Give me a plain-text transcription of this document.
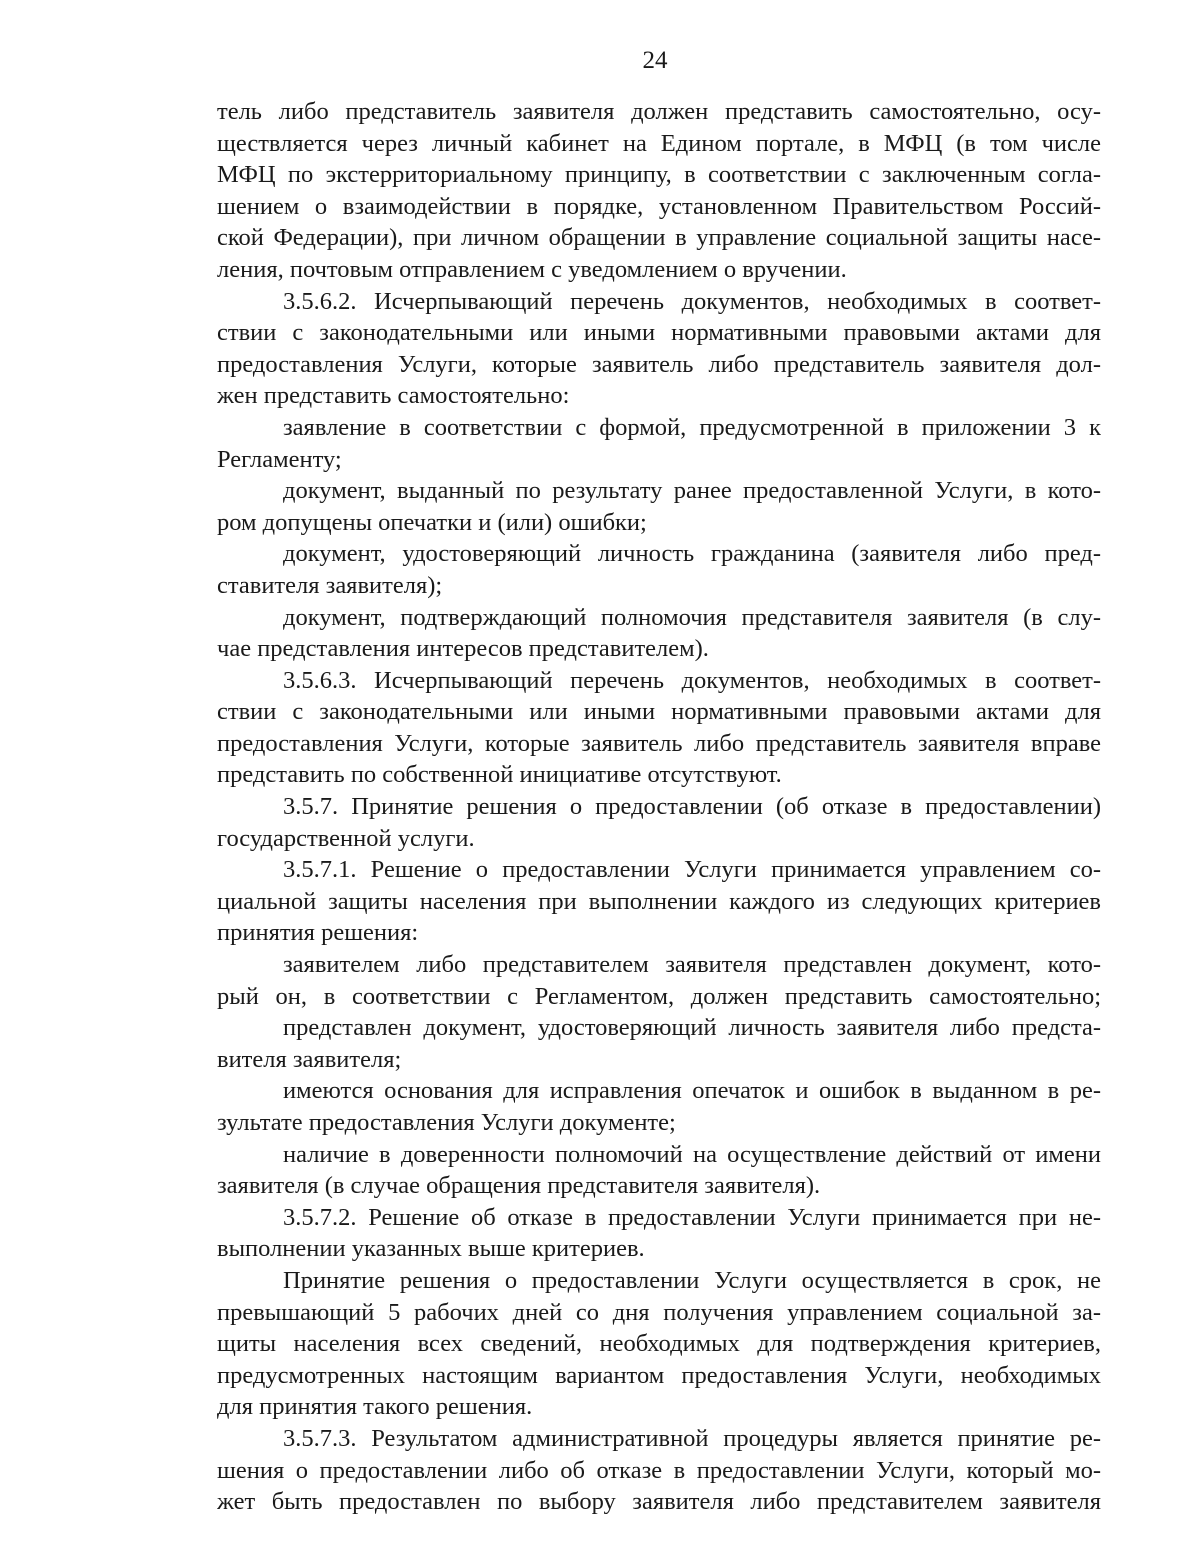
24
тель либо представитель заявителя должен представить самостоятельно, осу-
ществляется через личный кабинет на Едином портале, в МФЦ (в том числе
МФЦ по экстерриториальному принципу, в соответствии с заключенным согла-
шением о взаимодействии в порядке, установленном Правительством Россий-
ской Федерации), при личном обращении в управление социальной защиты насе-
ления, почтовым отправлением с уведомлением о вручении.
3.5.6.2. Исчерпывающий перечень документов, необходимых в соответ-
ствии с законодательными или иными нормативными правовыми актами для
предоставления Услуги, которые заявитель либо представитель заявителя дол-
жен представить самостоятельно:
заявление в соответствии с формой, предусмотренной в приложении 3 к
Регламенту;
документ, выданный по результату ранее предоставленной Услуги, в кото-
ром допущены опечатки и (или) ошибки;
документ, удостоверяющий личность гражданина (заявителя либо пред-
ставителя заявителя);
документ, подтверждающий полномочия представителя заявителя (в слу-
чае представления интересов представителем).
3.5.6.3. Исчерпывающий перечень документов, необходимых в соответ-
ствии с законодательными или иными нормативными правовыми актами для
предоставления Услуги, которые заявитель либо представитель заявителя вправе
представить по собственной инициативе отсутствуют.
3.5.7. Принятие решения о предоставлении (об отказе в предоставлении)
государственной услуги.
3.5.7.1. Решение о предоставлении Услуги принимается управлением со-
циальной защиты населения при выполнении каждого из следующих критериев
принятия решения:
заявителем либо представителем заявителя представлен документ, кото-
рый он, в соответствии с Регламентом, должен представить самостоятельно;
представлен документ, удостоверяющий личность заявителя либо предста-
вителя заявителя;
имеются основания для исправления опечаток и ошибок в выданном в ре-
зультате предоставления Услуги документе;
наличие в доверенности полномочий на осуществление действий от имени
заявителя (в случае обращения представителя заявителя).
3.5.7.2. Решение об отказе в предоставлении Услуги принимается при не-
выполнении указанных выше критериев.
Принятие решения о предоставлении Услуги осуществляется в срок, не
превышающий 5 рабочих дней со дня получения управлением социальной за-
щиты населения всех сведений, необходимых для подтверждения критериев,
предусмотренных настоящим вариантом предоставления Услуги, необходимых
для принятия такого решения.
3.5.7.3. Результатом административной процедуры является принятие ре-
шения о предоставлении либо об отказе в предоставлении Услуги, который мо-
жет быть предоставлен по выбору заявителя либо представителем заявителя
